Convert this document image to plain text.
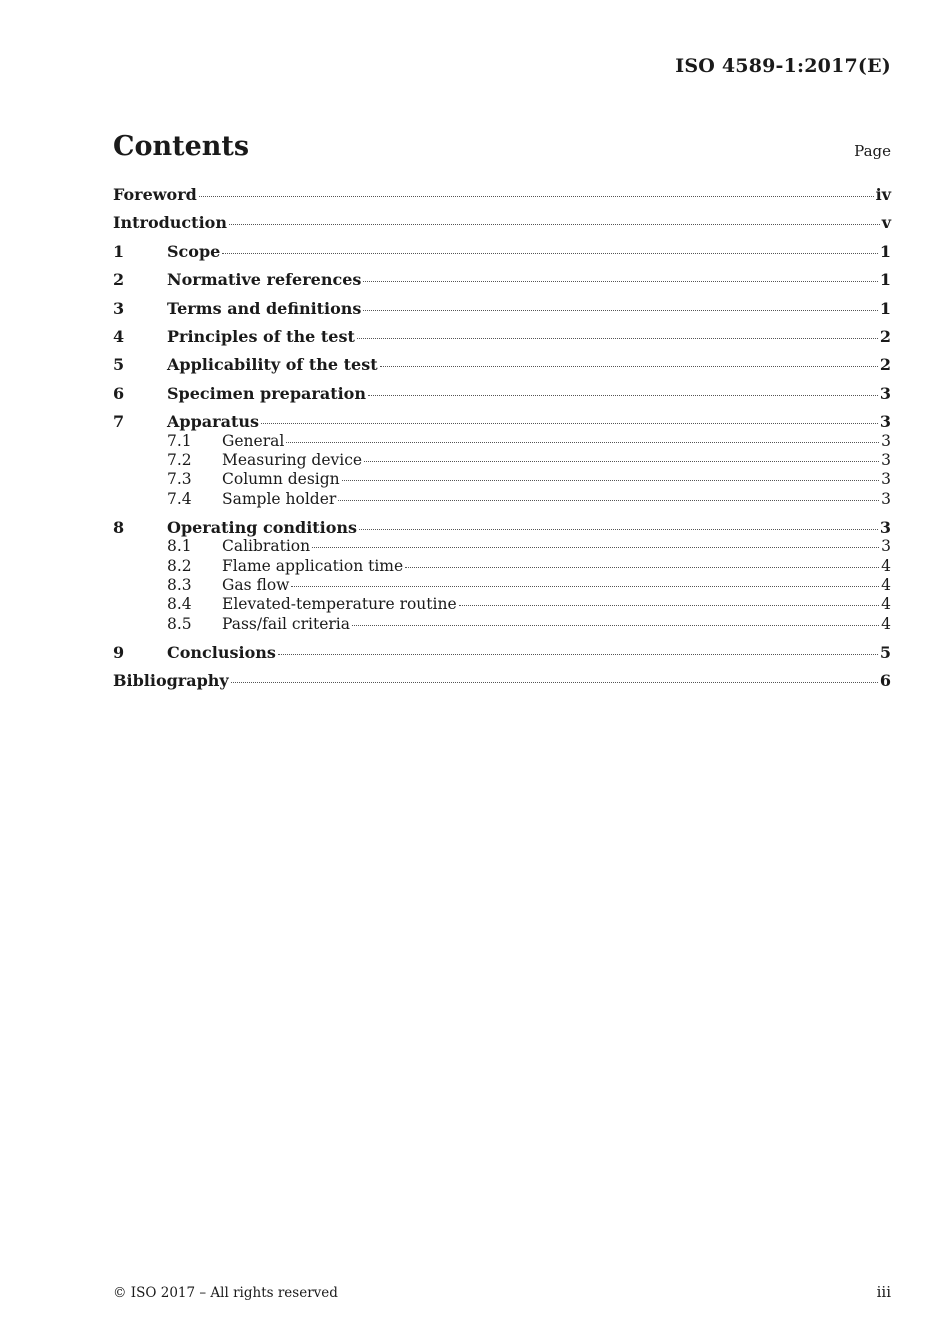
ISO 4589-1:2017(E)
Contents	Page
Foreword	iv
Introduction	v
1	Scope	1
2	Normative references	1
3	Terms and definitions	1
4	Principles of the test	2
5	Applicability of the test	2
6	Specimen preparation	3
7	Apparatus	3
7.1	General	3
7.2	Measuring device	3
7.3	Column design	3
7.4	Sample holder	3
8	Operating conditions	3
8.1	Calibration	3
8.2	Flame application time	4
8.3	Gas flow	4
8.4	Elevated-temperature routine	4
8.5	Pass/fail criteria	4
9	Conclusions	5
Bibliography	6
© ISO 2017 – All rights reserved	iii
